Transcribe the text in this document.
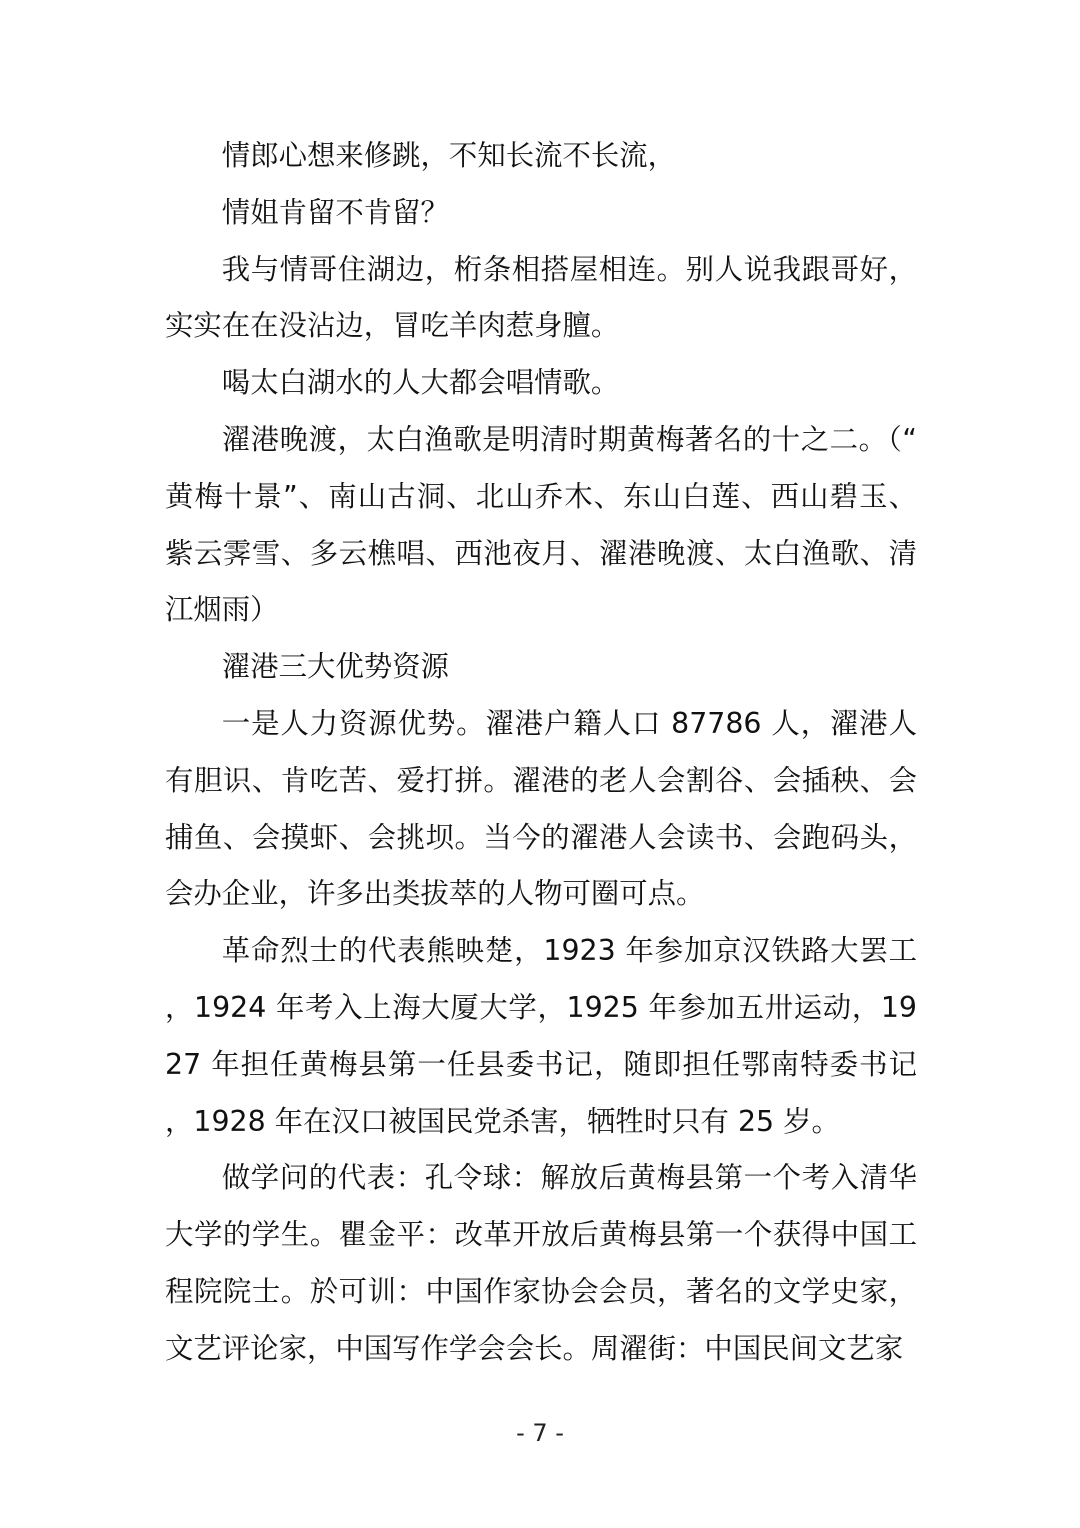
情郎心想来修跳，不知长流不长流，

情姐肯留不肯留？

我与情哥住湖边，桁条相搭屋相连。别人说我跟哥好，实实在在没沾边，冒吃羊肉惹身膻。

喝太白湖水的人大都会唱情歌。

濯港晚渡，太白渔歌是明清时期黄梅著名的十之二。（“黄梅十景”、南山古洞、北山乔木、东山白莲、西山碧玉、紫云霁雪、多云樵唱、西池夜月、濯港晚渡、太白渔歌、清江烟雨）

濯港三大优势资源

一是人力资源优势。濯港户籍人口 87786 人，濯港人有胆识、肯吃苦、爱打拼。濯港的老人会割谷、会插秧、会捕鱼、会摸虾、会挑坝。当今的濯港人会读书、会跑码头，会办企业，许多出类拔萃的人物可圈可点。

革命烈士的代表熊映楚，1923 年参加京汉铁路大罢工，1924 年考入上海大厦大学，1925 年参加五卅运动，1927 年担任黄梅县第一任县委书记，随即担任鄂南特委书记，1928 年在汉口被国民党杀害，牺牲时只有 25 岁。

做学问的代表：孔令球：解放后黄梅县第一个考入清华大学的学生。瞿金平：改革开放后黄梅县第一个获得中国工程院院士。於可训：中国作家协会会员，著名的文学史家，文艺评论家，中国写作学会会长。周濯街：中国民间文艺家

- 7 -
